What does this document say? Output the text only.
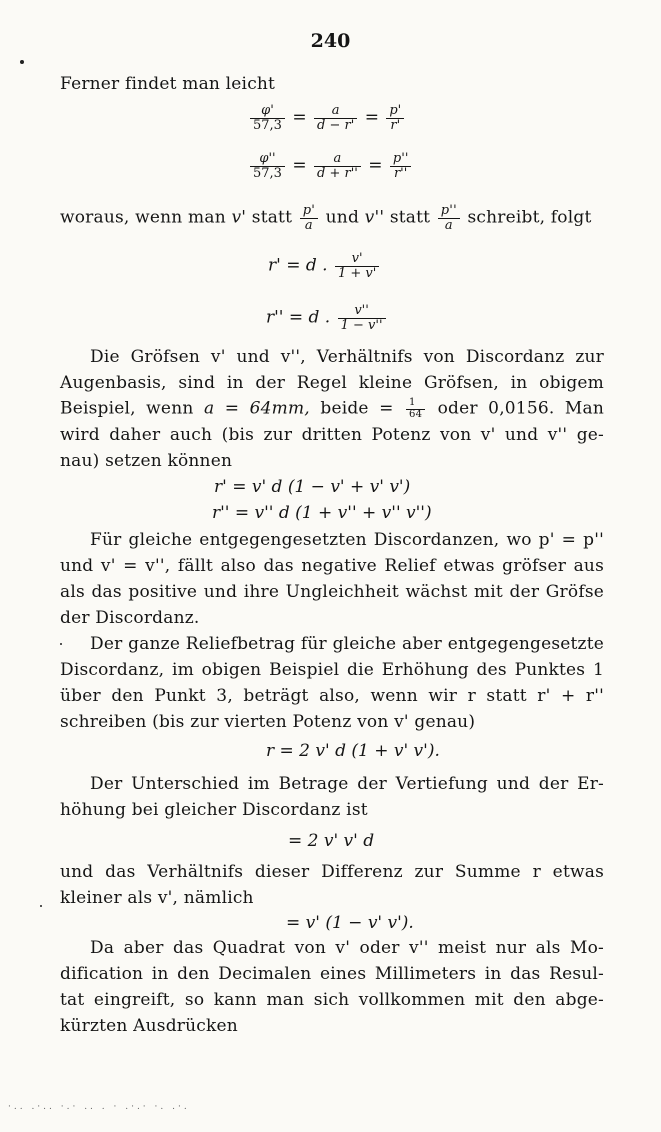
240
Ferner findet man leicht
$\frac{\varphi'}{57,3} = \frac{a}{d - r'} = \frac{p'}{r'}$
$\frac{\varphi''}{57,3} = \frac{a}{d + r''} = \frac{p''}{r''}$
woraus, wenn man v' statt $\frac{p'}{a}$ und v'' statt $\frac{p''}{a}$ schreibt, folgt
r' = d . $\frac{v'}{1 + v'}$
r'' = d . $\frac{v''}{1 - v''}$
Die Gröfsen v' und v'', Verhältnifs von Discordanz zur
Augenbasis, sind in der Regel kleine Gröfsen, in obigem
Beispiel, wenn a = 64mm, beide = $\frac{1}{64}$ oder 0,0156. Man
wird daher auch (bis zur dritten Potenz von v' und v'' ge-
nau) setzen können
r' = v' d (1 − v' + v' v')
r'' = v'' d (1 + v'' + v'' v'')
Für gleiche entgegengesetzten Discordanzen, wo p' = p''
und v' = v'', fällt also das negative Relief etwas gröfser aus
als das positive und ihre Ungleichheit wächst mit der Gröfse
der Discordanz.
Der ganze Reliefbetrag für gleiche aber entgegengesetzte
Discordanz, im obigen Beispiel die Erhöhung des Punktes 1
über den Punkt 3, beträgt also, wenn wir r statt r' + r''
schreiben (bis zur vierten Potenz von v' genau)
r = 2 v' d (1 + v' v').
Der Unterschied im Betrage der Vertiefung und der Er-
höhung bei gleicher Discordanz ist
= 2 v' v' d
und das Verhältnifs dieser Differenz zur Summe r etwas
kleiner als v', nämlich
= v' (1 − v' v').
Da aber das Quadrat von v' oder v'' meist nur als Mo-
dification in den Decimalen eines Millimeters in das Resul-
tat eingreift, so kann man sich vollkommen mit den abge-
kürzten Ausdrücken
·.. .·.. ·.· .. . · .·.· ·. .·.
